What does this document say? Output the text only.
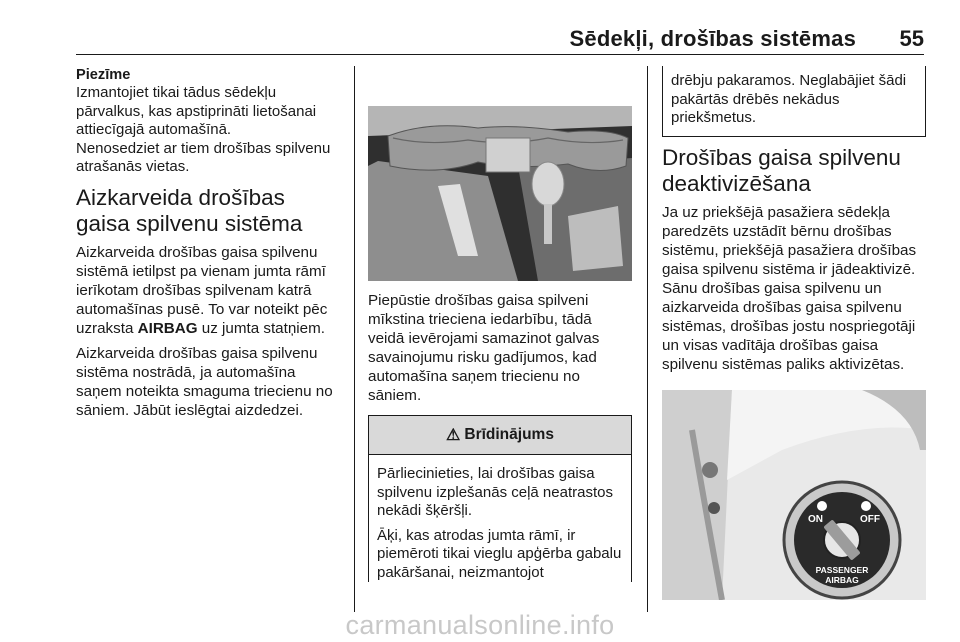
Sēdekļi, drošības sistēmas 55
Piezīme

Izmantojiet tikai tādus sēdekļu pārvalkus, kas apstiprināti lietošanai attiecīgajā automašīnā.

Nenosedziet ar tiem drošības spilvenu atrašanās vietas.

Aizkarveida drošības gaisa spilvenu sistēma

Aizkarveida drošības gaisa spilvenu sistēmā ietilpst pa vienam jumta rāmī ierīkotam drošības spilvenam katrā automašīnas pusē. To var noteikt pēc uzraksta AIRBAG uz jumta statņiem.

Aizkarveida drošības gaisa spilvenu sistēma nostrādā, ja automašīna saņem noteikta smaguma triecienu no sāniem. Jābūt ieslēgtai aizdedzei.

Piepūstie drošības gaisa spilveni mīkstina trieciena iedarbību, tādā veidā ievērojami samazinot galvas savainojumu risku gadījumos, kad automašīna saņem triecienu no sāniem.

⚠ Brīdinājums

Pārliecinieties, lai drošības gaisa spilvenu izplešanās ceļā neatrastos nekādi šķēršļi.

Āķi, kas atrodas jumta rāmī, ir piemēroti tikai vieglu apģērba gabalu pakāršanai, neizmantojot

drēbju pakaramos. Neglabājiet šādi pakārtās drēbēs nekādus priekšmetus.

Drošības gaisa spilvenu deaktivizēšana

Ja uz priekšējā pasažiera sēdekļa paredzēts uzstādīt bērnu drošības sistēmu, priekšējā pasažiera drošības gaisa spilvenu sistēma ir jādeaktivizē. Sānu drošības gaisa spilvenu un aizkarveida drošības gaisa spilvenu sistēmas, drošības jostu nospriegotāji un visas vadītāja drošības gaisa spilvenu sistēmas paliks aktivizētas.

ON	OFF
PASSENGER
AIRBAG
carmanualsonline.info
